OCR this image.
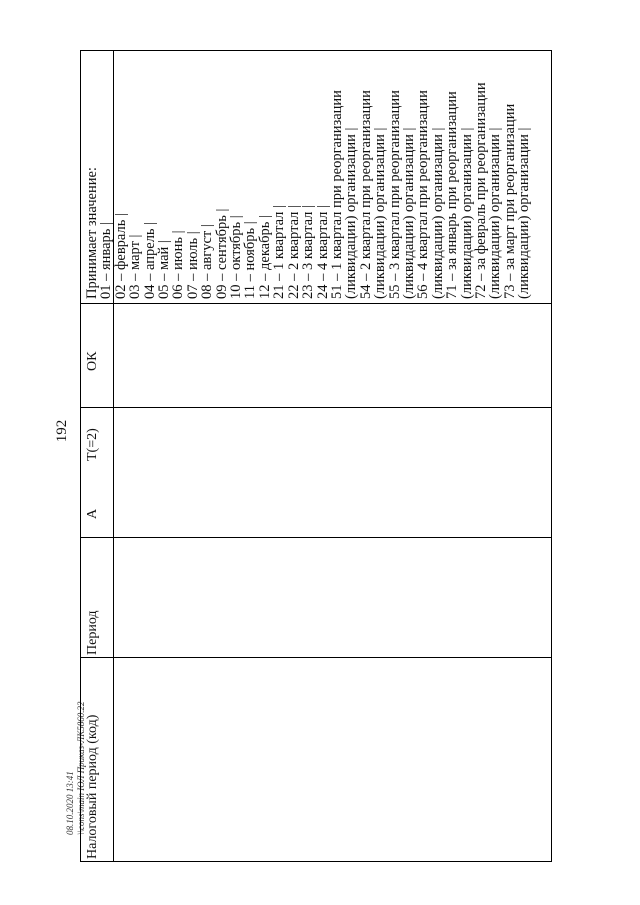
192
08.10.2020 13:41 \\cons\main ЮЛ Приказ-ЛК5860.22 Налоговый период (код)
Период
А
Т(=2)
ОК
Принимает значение:
01 – январь |
02 – февраль |
03 – март |
04 – апрель |
05 – май |
06 – июнь |
07 – июль |
08 – август |
09 – сентябрь |
10 – октябрь |
11 – ноябрь |
12 – декабрь |
21 – 1 квартал |
22 – 2 квартал |
23 – 3 квартал |
24 – 4 квартал |
51 – 1 квартал при реорганизации
(ликвидации) организации |
54 – 2 квартал при реорганизации
(ликвидации) организации |
55 – 3 квартал при реорганизации
(ликвидации) организации |
56 – 4 квартал при реорганизации
(ликвидации) организации |
71 – за январь при реорганизации
(ликвидации) организации |
72 – за февраль при реорганизации
(ликвидации) организации |
73 – за март при реорганизации
(ликвидации) организации |
